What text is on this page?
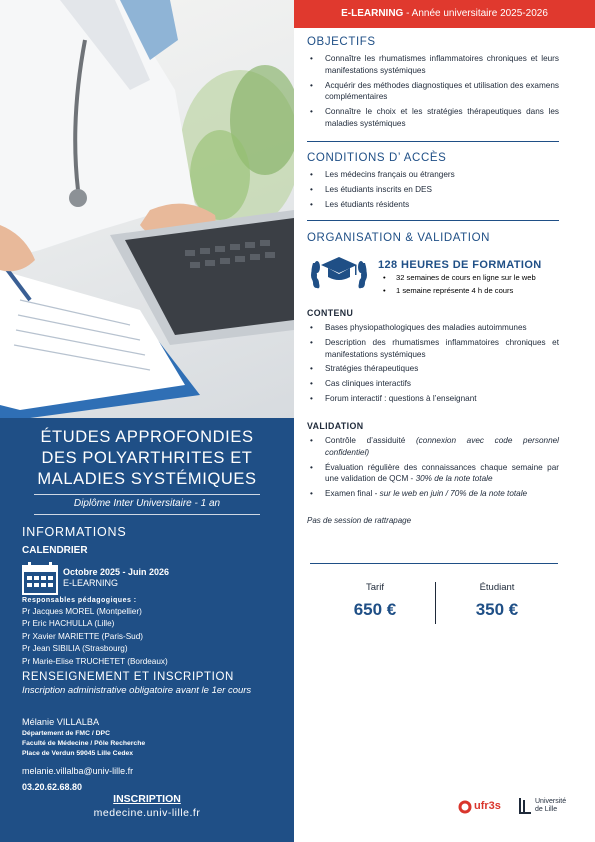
ÉTUDES APPROFONDIES
DES POLYARTHRITES ET
MALADIES SYSTÉMIQUES
Diplôme Inter Universitaire - 1 an
INFORMATIONS
CALENDRIER
Octobre 2025 - Juin 2026
E-LEARNING
Responsables pédagogiques :
Pr Jacques MOREL (Montpellier)
Pr Eric HACHULLA (Lille)
Pr Xavier MARIETTE (Paris-Sud)
Pr Jean SIBILIA (Strasbourg)
Pr Marie-Elise TRUCHETET (Bordeaux)
RENSEIGNEMENT ET INSCRIPTION
Inscription administrative obligatoire avant le 1er cours
Mélanie VILLALBA
Département de FMC / DPC
Faculté de Médecine / Pôle Recherche
Place de Verdun 59045 Lille Cedex
melanie.villalba@univ-lille.fr
03.20.62.68.80
INSCRIPTION
medecine.univ-lille.fr
E-LEARNING - Année universitaire 2025-2026
OBJECTIFS
• Connaître les rhumatismes inflammatoires chroniques et leurs manifestations systémiques
• Acquérir des méthodes diagnostiques et utilisation des examens complémentaires
• Connaître le choix et les stratégies thérapeutiques dans les maladies systémiques
CONDITIONS D’ ACCÈS
• Les médecins français ou étrangers
• Les étudiants inscrits en DES
• Les étudiants résidents
ORGANISATION & VALIDATION
128 HEURES DE FORMATION
• 32 semaines de cours en ligne sur le web
• 1 semaine représente 4 h de cours
CONTENU
• Bases physiopathologiques des maladies autoimmunes
• Description des rhumatismes inflammatoires chroniques et manifestations systémiques
• Stratégies thérapeutiques
• Cas cliniques interactifs
• Forum interactif : questions à l’enseignant
VALIDATION
• Contrôle d’assiduité (connexion avec code personnel confidentiel)
• Évaluation régulière des connaissances chaque semaine par une validation de QCM - 30% de la note totale
• Examen final - sur le web en juin / 70% de la note totale
Pas de session de rattrapage
Tarif
650 €
Étudiant
350 €
ufr3s	Université de Lille
